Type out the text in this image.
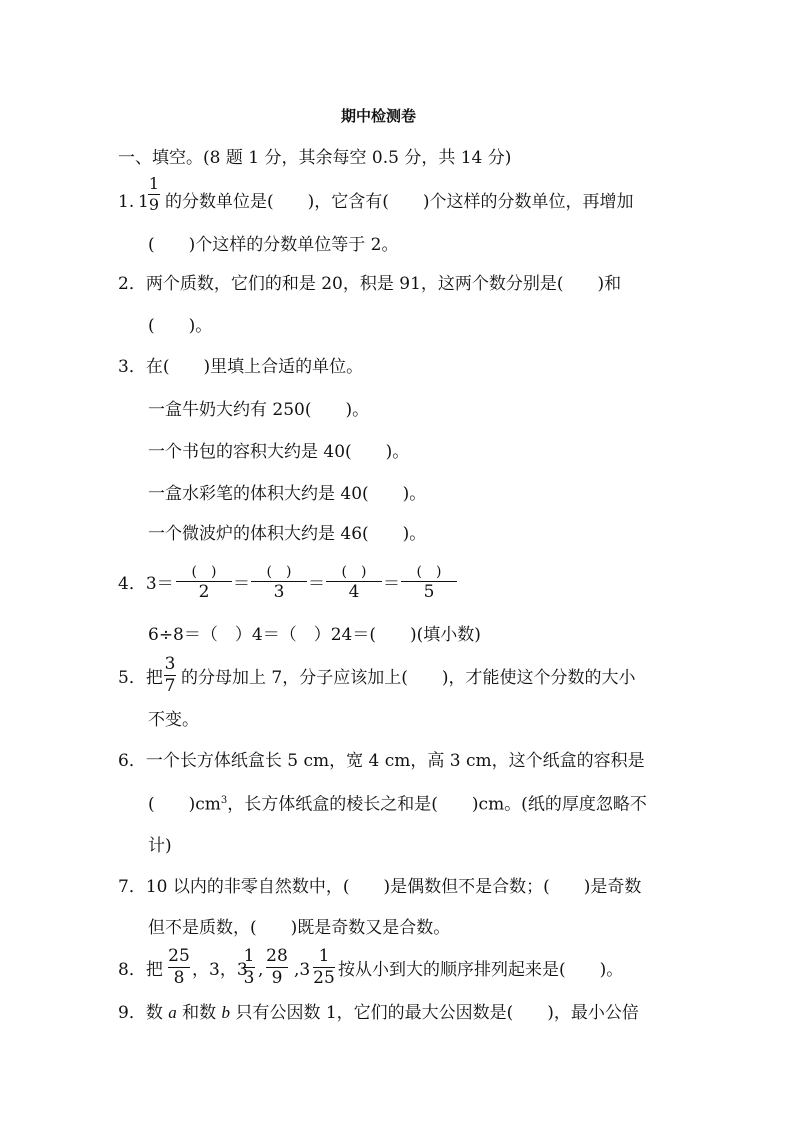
期中检测卷
一、填空。(8 题 1 分，其余每空 0.5 分，共 14 分)
1. 1
1
9 的分数单位是(　　)，它含有(　　)个这样的分数单位，再增加
(　　)个这样的分数单位等于 2。
2．两个质数，它们的和是 20，积是 91，这两个数分别是(　　)和
(　　)。
3．在(　　)里填上合适的单位。
一盒牛奶大约有 250(　　)。
一个书包的容积大约是 40(　　)。
一盒水彩笔的体积大约是 40(　　)。
一个微波炉的体积大约是 46(　　)。
4．3＝
(　)
2	＝
(　)
3	＝
(　)
4	＝
(　)
5
6÷8＝（　）4＝（　）24＝(　　)(填小数)
5．把
3
7 的分母加上 7，分子应该加上(　　)，才能使这个分数的大小
不变。
6．一个长方体纸盒长 5 cm，宽 4 cm，高 3 cm，这个纸盒的容积是
(　　)$cm^3$，长方体纸盒的棱长之和是(　　)cm。(纸的厚度忽略不
计)
7．10 以内的非零自然数中，(　　)是偶数但不是合数；(　　)是奇数
但不是质数，(　　)既是奇数又是合数。
8．把
25
8 ，3，3
1
3 ,
28
9 ,3
1
25 按从小到大的顺序排列起来是(　　)。
9．数 a 和数 b 只有公因数 1，它们的最大公因数是(　　)，最小公倍
